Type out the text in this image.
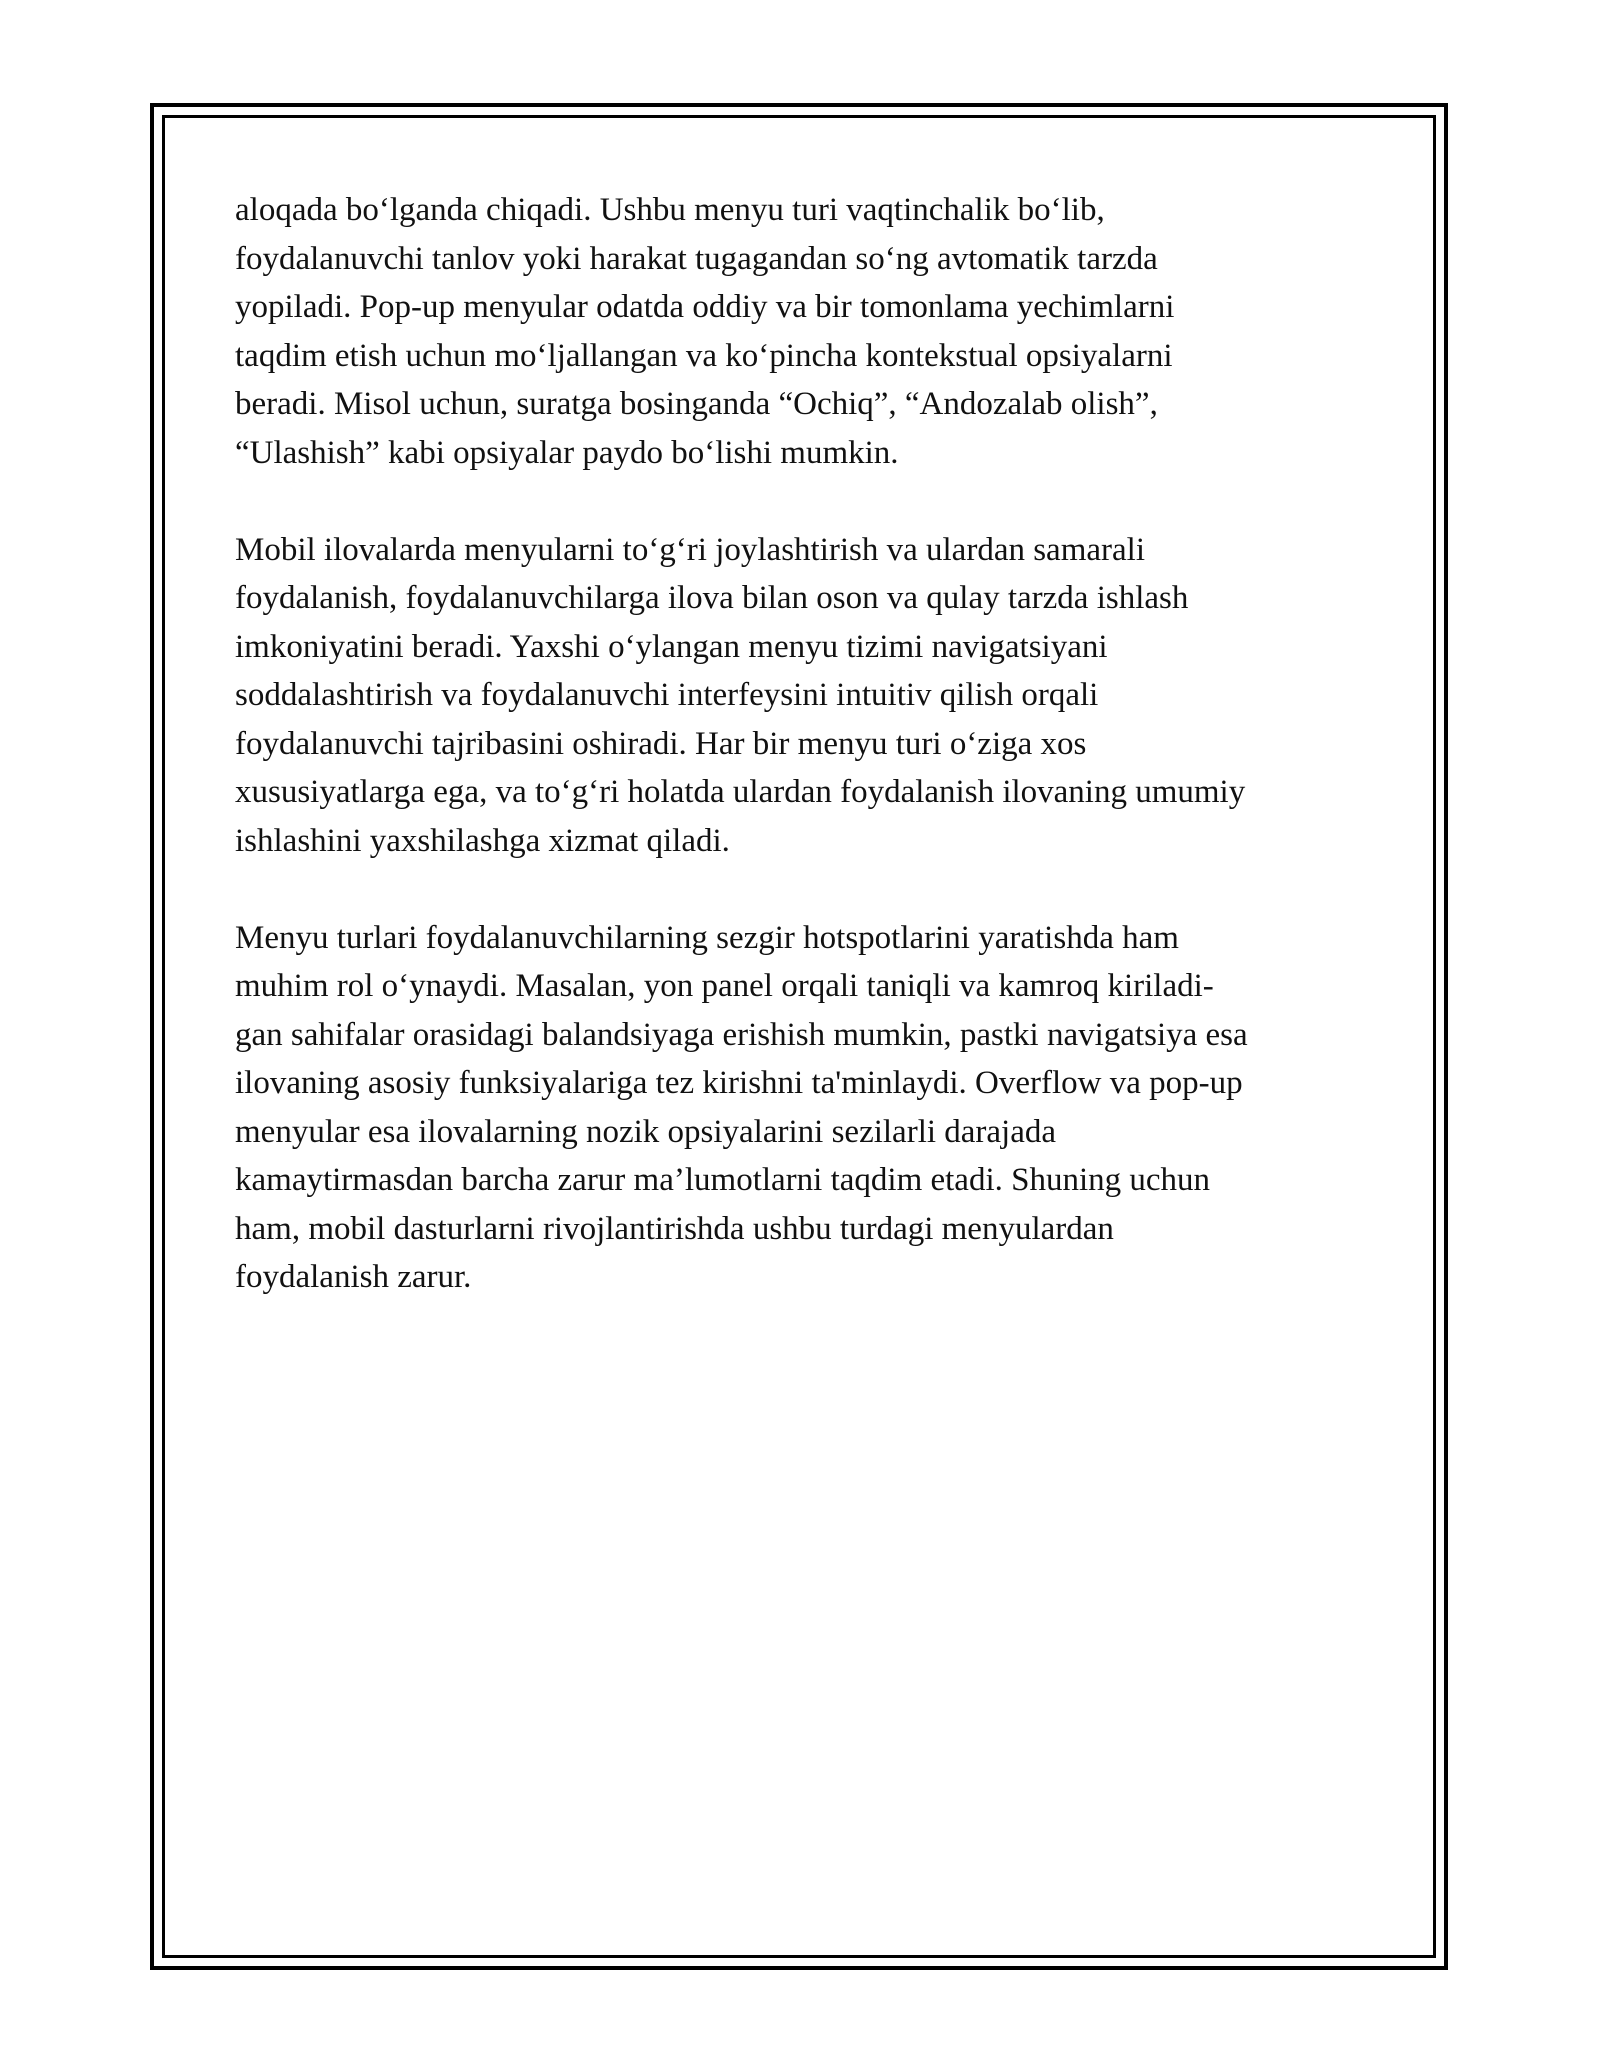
aloqada bo‘lganda chiqadi. Ushbu menyu turi vaqtinchalik bo‘lib,
foydalanuvchi tanlov yoki harakat tugagandan so‘ng avtomatik tarzda
yopiladi. Pop-up menyular odatda oddiy va bir tomonlama yechimlarni
taqdim etish uchun mo‘ljallangan va ko‘pincha kontekstual opsiyalarni
beradi. Misol uchun, suratga bosinganda “Ochiq”, “Andozalab olish”,
“Ulashish” kabi opsiyalar paydo bo‘lishi mumkin.

Mobil ilovalarda menyularni to‘g‘ri joylashtirish va ulardan samarali
foydalanish, foydalanuvchilarga ilova bilan oson va qulay tarzda ishlash
imkoniyatini beradi. Yaxshi o‘ylangan menyu tizimi navigatsiyani
soddalashtirish va foydalanuvchi interfeysini intuitiv qilish orqali
foydalanuvchi tajribasini oshiradi. Har bir menyu turi o‘ziga xos
xususiyatlarga ega, va to‘g‘ri holatda ulardan foydalanish ilovaning umumiy
ishlashini yaxshilashga xizmat qiladi.

Menyu turlari foydalanuvchilarning sezgir hotspotlarini yaratishda ham
muhim rol o‘ynaydi. Masalan, yon panel orqali taniqli va kamroq kiriladi-
gan sahifalar orasidagi balandsiyaga erishish mumkin, pastki navigatsiya esa
ilovaning asosiy funksiyalariga tez kirishni ta'minlaydi. Overflow va pop-up
menyular esa ilovalarning nozik opsiyalarini sezilarli darajada
kamaytirmasdan barcha zarur ma’lumotlarni taqdim etadi. Shuning uchun
ham, mobil dasturlarni rivojlantirishda ushbu turdagi menyulardan
foydalanish zarur.
